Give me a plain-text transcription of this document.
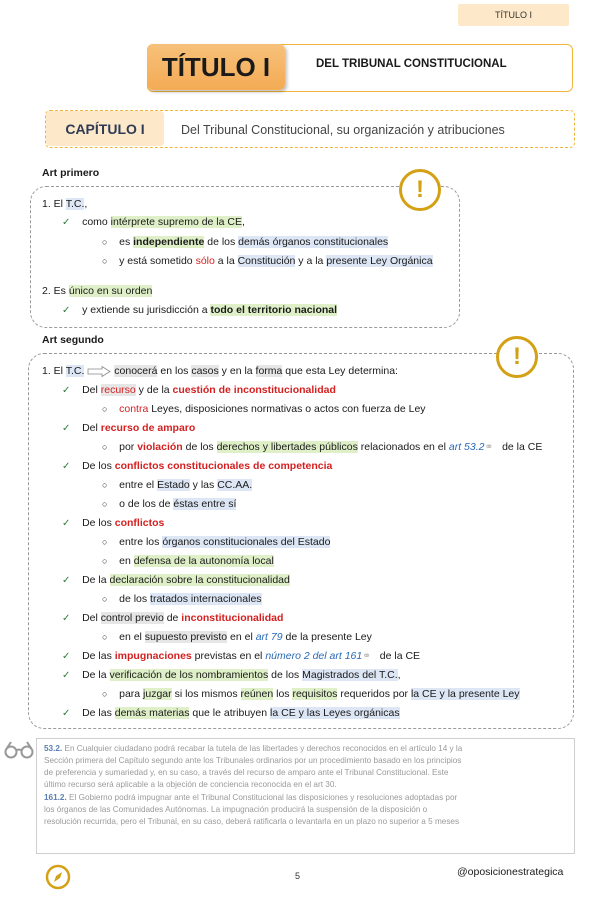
TÍTULO I
TÍTULO I	DEL TRIBUNAL CONSTITUCIONAL
CAPÍTULO I	Del Tribunal Constitucional, su organización y atribuciones
Art primero
!
1. El T.C.,
✓ como intérprete supremo de la CE,
○ es independiente de los demás órganos constitucionales
○ y está sometido sólo a la Constitución y a la presente Ley Orgánica
2. Es único en su orden
✓ y extiende su jurisdicción a todo el territorio nacional
Art segundo
!
1. El T.C.	conocerá en los casos y en la forma que esta Ley determina:
✓ Del recurso y de la cuestión de inconstitucionalidad
○ contra Leyes, disposiciones normativas o actos con fuerza de Ley
✓ Del recurso de amparo
○ por violación de los derechos y libertades públicos relacionados en el art 53.2⚭   de la CE
✓ De los conflictos constitucionales de competencia
○ entre el Estado y las CC.AA.
○ o de los de éstas entre sí
✓ De los conflictos
○ entre los órganos constitucionales del Estado
○ en defensa de la autonomía local
✓ De la declaración sobre la constitucionalidad
○ de los tratados internacionales
✓ Del control previo de inconstitucionalidad
○ en el supuesto previsto en el art 79 de la presente Ley
✓ De las impugnaciones previstas en el número 2 del art 161⚭   de la CE
✓ De la verificación de los nombramientos de los Magistrados del T.C.,
○ para juzgar si los mismos reúnen los requisitos requeridos por la CE y la presente Ley
✓ De las demás materias que le atribuyen la CE y las Leyes orgánicas
53.2. En Cualquier ciudadano podrá recabar la tutela de las libertades y derechos reconocidos en el artículo 14 y la
Sección primera del Capítulo segundo ante los Tribunales ordinarios por un procedimiento basado en los principios
de preferencia y sumariedad y, en su caso, a través del recurso de amparo ante el Tribunal Constitucional. Este
último recurso será aplicable a la objeción de conciencia reconocida en el art 30.
161.2. El Gobierno podrá impugnar ante el Tribunal Constitucional las disposiciones y resoluciones adoptadas por
los órganos de las Comunidades Autónomas. La impugnación producirá la suspensión de la disposición o
resolución recurrida, pero el Tribunal, en su caso, deberá ratificarla o levantarla en un plazo no superior a 5 meses
5	@oposicionestrategica
